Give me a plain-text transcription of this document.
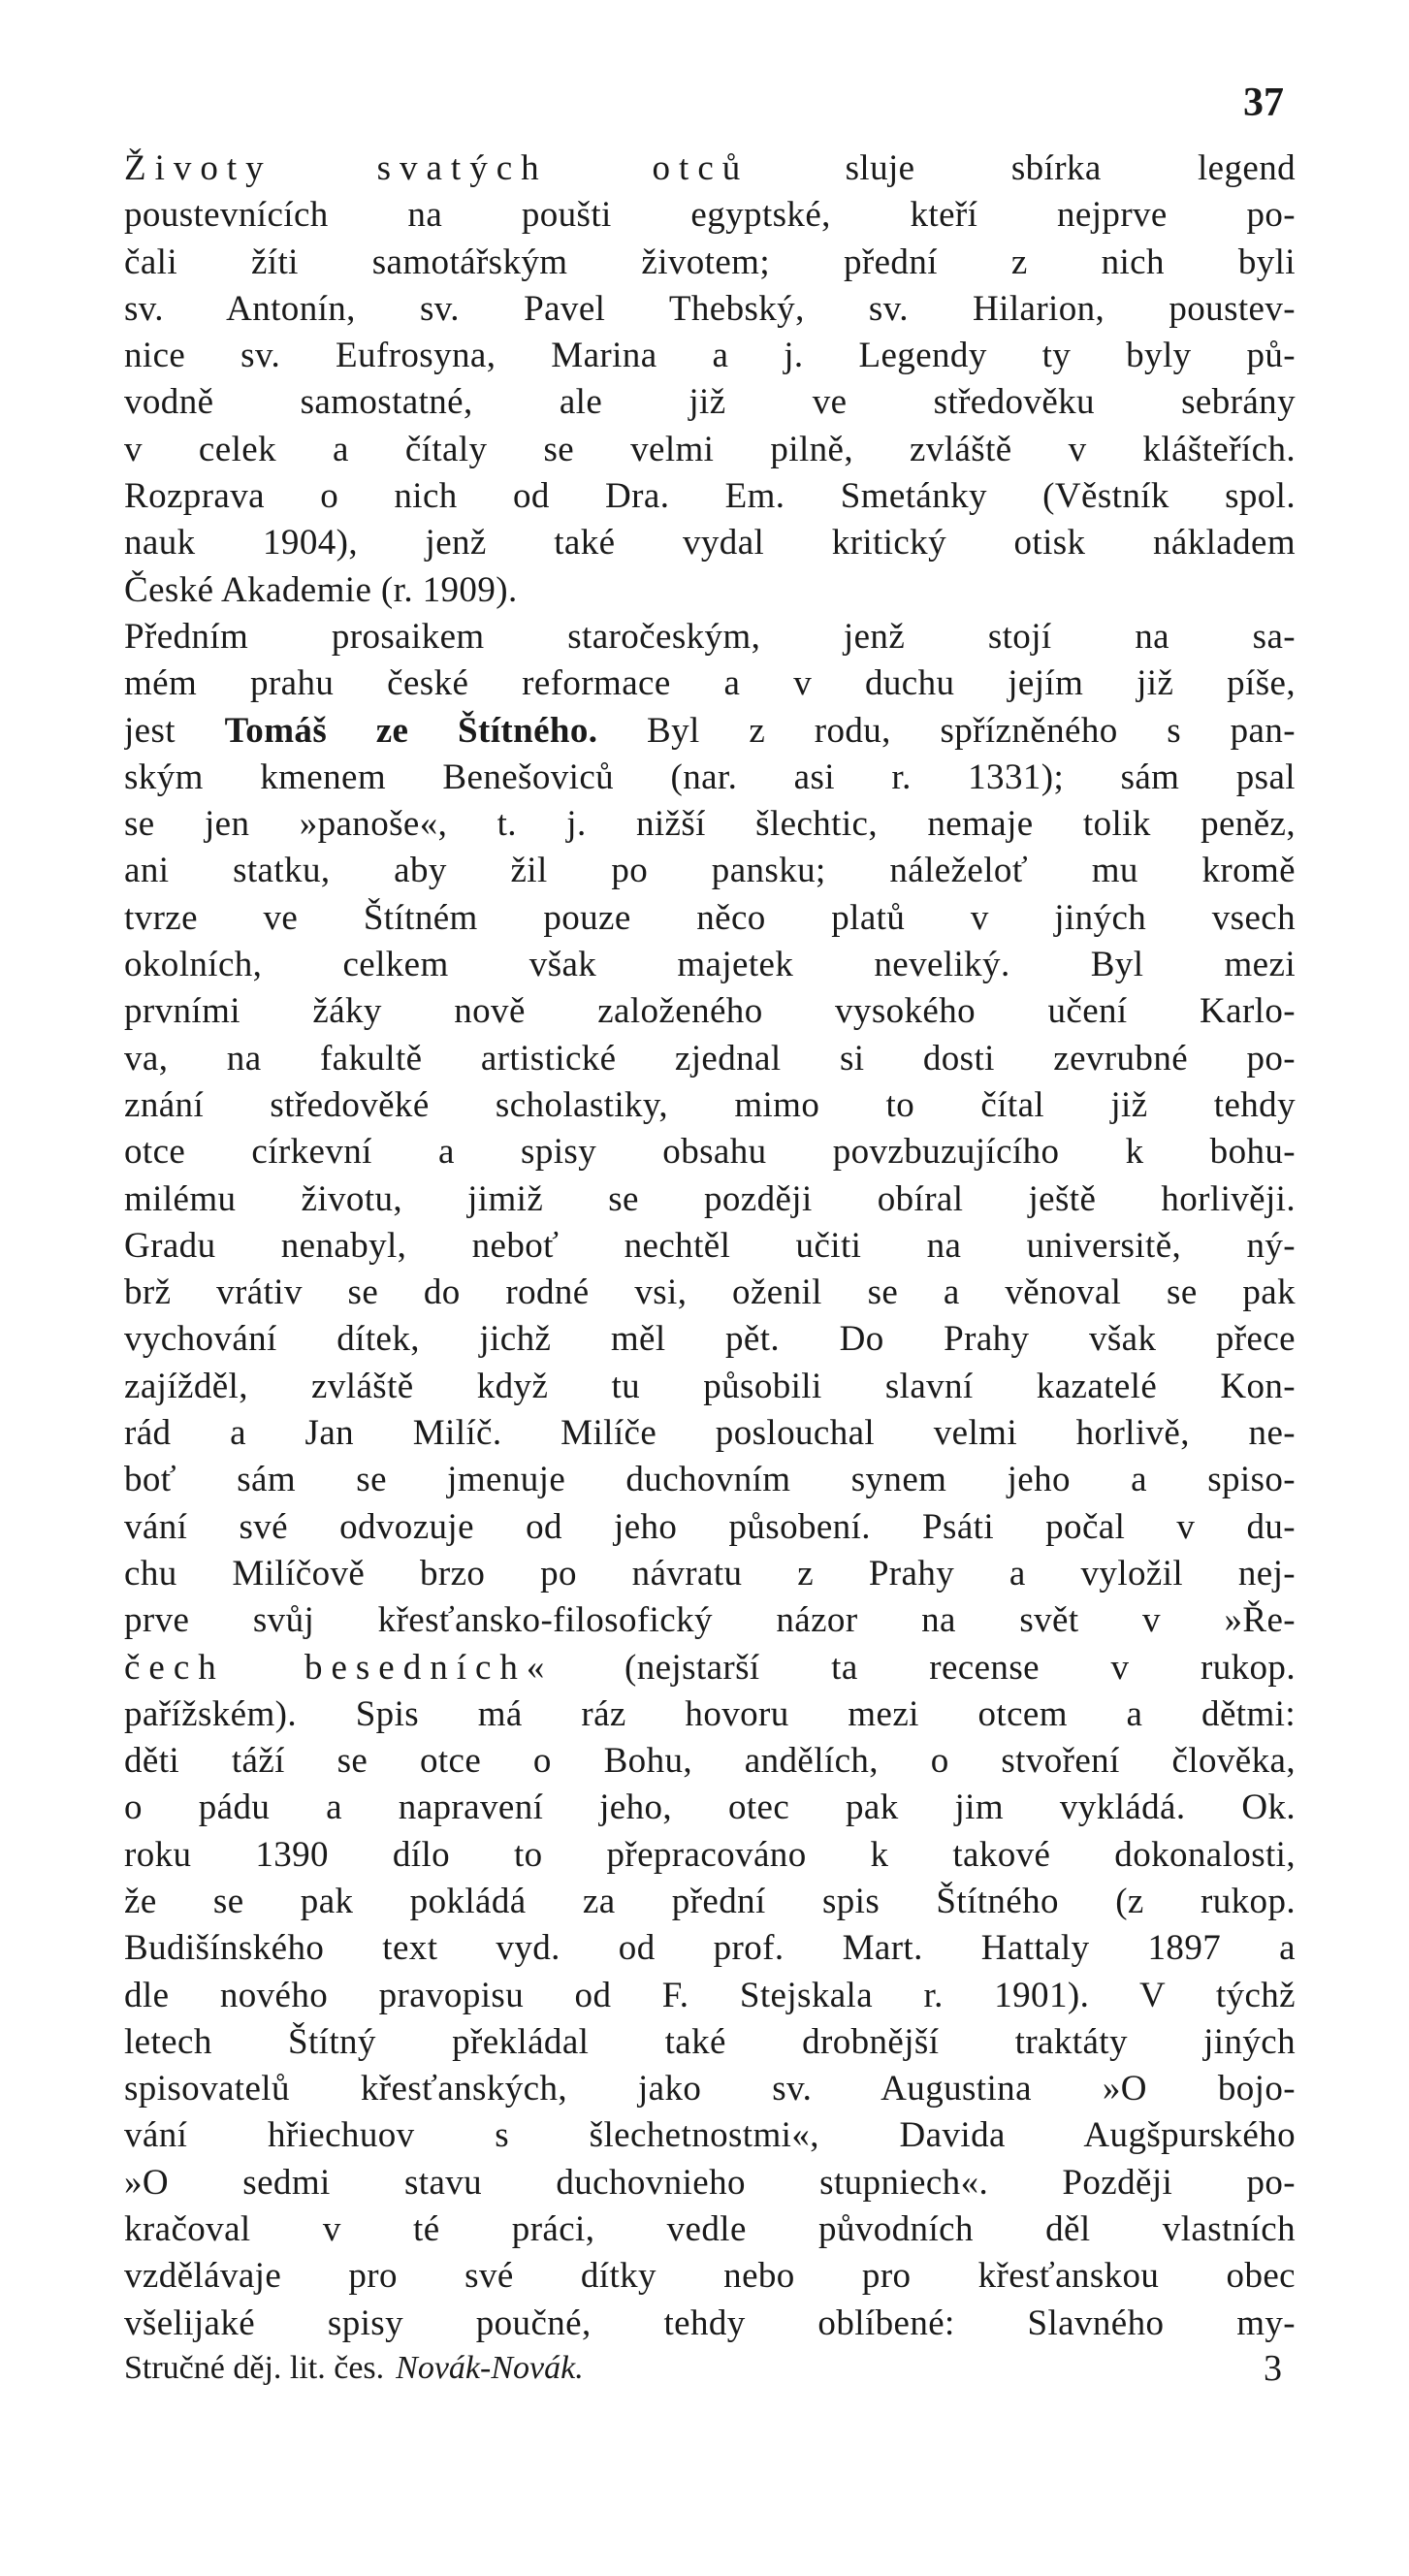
37
Životy svatých otců sluje sbírka legend
poustevnících na poušti egyptské, kteří nejprve po-
čali žíti samotářským životem; přední z nich byli
sv. Antonín, sv. Pavel Thebský, sv. Hilarion, poustev-
nice sv. Eufrosyna, Marina a j. Legendy ty byly pů-
vodně samostatné, ale již ve středověku sebrány
v celek a čítaly se velmi pilně, zvláště v klášteřích.
Rozprava o nich od Dra. Em. Smetánky (Věstník spol.
nauk 1904), jenž také vydal kritický otisk nákladem
České Akademie (r. 1909).
Předním prosaikem staročeským, jenž stojí na sa-
mém prahu české reformace a v duchu jejím již píše,
jest Tomáš ze Štítného. Byl z rodu, spřízněného s pan-
ským kmenem Benešoviců (nar. asi r. 1331); sám psal
se jen »panoše«, t. j. nižší šlechtic, nemaje tolik peněz,
ani statku, aby žil po pansku; náleželoť mu kromě
tvrze ve Štítném pouze něco platů v jiných vsech
okolních, celkem však majetek neveliký. Byl mezi
prvními žáky nově založeného vysokého učení Karlo-
va, na fakultě artistické zjednal si dosti zevrubné po-
znání středověké scholastiky, mimo to čítal již tehdy
otce církevní a spisy obsahu povzbuzujícího k bohu-
milému životu, jimiž se později obíral ještě horlivěji.
Gradu nenabyl, neboť nechtěl učiti na universitě, ný-
brž vrátiv se do rodné vsi, oženil se a věnoval se pak
vychování dítek, jichž měl pět. Do Prahy však přece
zajížděl, zvláště když tu působili slavní kazatelé Kon-
rád a Jan Milíč. Milíče poslouchal velmi horlivě, ne-
boť sám se jmenuje duchovním synem jeho a spiso-
vání své odvozuje od jeho působení. Psáti počal v du-
chu Milíčově brzo po návratu z Prahy a vyložil nej-
prve svůj křesťansko-filosofický názor na svět v »Ře-
čech besedních« (nejstarší ta recense v rukop.
pařížském). Spis má ráz hovoru mezi otcem a dětmi:
děti táží se otce o Bohu, andělích, o stvoření člověka,
o pádu a napravení jeho, otec pak jim vykládá. Ok.
roku 1390 dílo to přepracováno k takové dokonalosti,
že se pak pokládá za přední spis Štítného (z rukop.
Budišínského text vyd. od prof. Mart. Hattaly 1897 a
dle nového pravopisu od F. Stejskala r. 1901). V týchž
letech Štítný překládal také drobnější traktáty jiných
spisovatelů křesťanských, jako sv. Augustina »O bojo-
vání hřiechuov s šlechetnostmi«, Davida Augšpurského
»O sedmi stavu duchovnieho stupniech«. Později po-
kračoval v té práci, vedle původních děl vlastních
vzdělávaje pro své dítky nebo pro křesťanskou obec
všelijaké spisy poučné, tehdy oblíbené: Slavného my-
Stručné děj. lit. čes. Novák-Novák.	3
